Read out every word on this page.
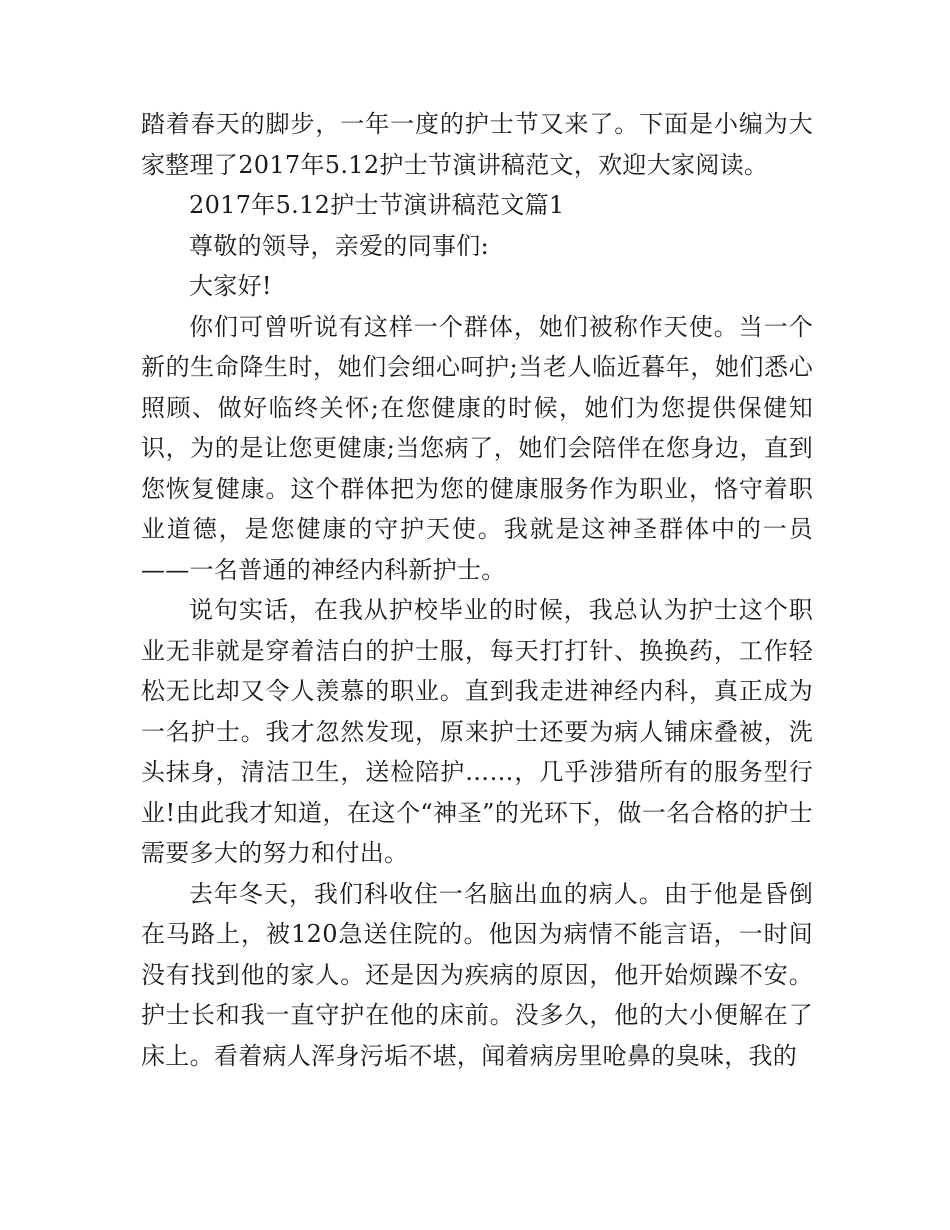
踏着春天的脚步，一年一度的护士节又来了。下面是小编为大家整理了2017年5.12护士节演讲稿范文，欢迎大家阅读。

2017年5.12护士节演讲稿范文篇1

尊敬的领导，亲爱的同事们:

大家好!

你们可曾听说有这样一个群体，她们被称作天使。当一个新的生命降生时，她们会细心呵护;当老人临近暮年，她们悉心照顾、做好临终关怀;在您健康的时候，她们为您提供保健知识，为的是让您更健康;当您病了，她们会陪伴在您身边，直到您恢复健康。这个群体把为您的健康服务作为职业，恪守着职业道德，是您健康的守护天使。我就是这神圣群体中的一员——一名普通的神经内科新护士。

说句实话，在我从护校毕业的时候，我总认为护士这个职业无非就是穿着洁白的护士服，每天打打针、换换药，工作轻松无比却又令人羡慕的职业。直到我走进神经内科，真正成为一名护士。我才忽然发现，原来护士还要为病人铺床叠被，洗头抹身，清洁卫生，送检陪护……，几乎涉猎所有的服务型行业!由此我才知道，在这个“神圣”的光环下，做一名合格的护士需要多大的努力和付出。

去年冬天，我们科收住一名脑出血的病人。由于他是昏倒在马路上，被120急送住院的。他因为病情不能言语，一时间没有找到他的家人。还是因为疾病的原因，他开始烦躁不安。护士长和我一直守护在他的床前。没多久，他的大小便解在了床上。看着病人浑身污垢不堪，闻着病房里呛鼻的臭味，我的
